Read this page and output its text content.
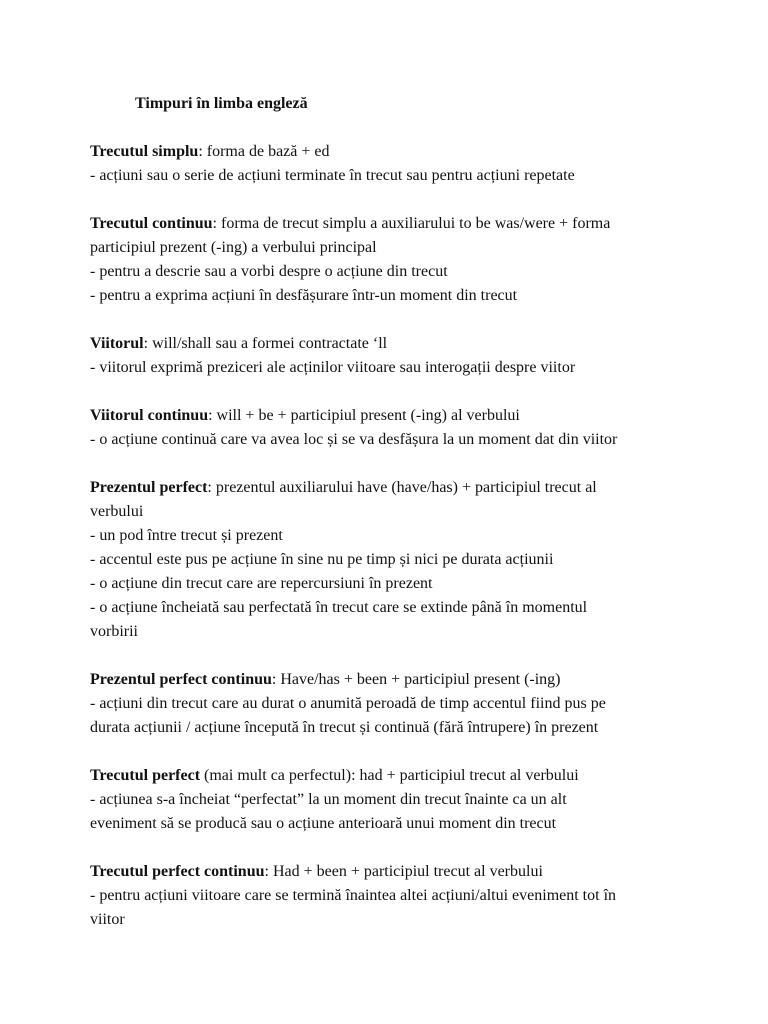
Timpuri în limba engleză

Trecutul simplu: forma de bază + ed

- acțiuni sau o serie de acțiuni terminate în trecut sau pentru acțiuni repetate

Trecutul continuu: forma de trecut simplu a auxiliarului to be was/were + forma

participiul prezent (-ing) a verbului principal

- pentru a descrie sau a vorbi despre o acțiune din trecut

- pentru a exprima acțiuni în desfășurare într-un moment din trecut

Viitorul: will/shall sau a formei contractate ‘ll

- viitorul exprimă preziceri ale acținilor viitoare sau interogații despre viitor

Viitorul continuu: will + be + participiul present (-ing) al verbului

- o acțiune continuă care va avea loc și se va desfășura la un moment dat din viitor

Prezentul perfect: prezentul auxiliarului have (have/has) + participiul trecut al

verbului

- un pod între trecut și prezent

- accentul este pus pe acțiune în sine nu pe timp și nici pe durata acțiunii

- o acțiune din trecut care are repercursiuni în prezent

- o acțiune încheiată sau perfectată în trecut care se extinde până în momentul

vorbirii

Prezentul perfect continuu: Have/has + been + participiul present (-ing)

- acțiuni din trecut care au durat o anumită peroadă de timp accentul fiind pus pe

durata acțiunii / acțiune începută în trecut și continuă (fără întrupere) în prezent

Trecutul perfect (mai mult ca perfectul): had + participiul trecut al verbului

- acțiunea s-a încheiat “perfectat” la un moment din trecut înainte ca un alt

eveniment să se producă sau o acțiune anterioară unui moment din trecut

Trecutul perfect continuu: Had + been + participiul trecut al verbului

- pentru acțiuni viitoare care se termină înaintea altei acțiuni/altui eveniment tot în

viitor
